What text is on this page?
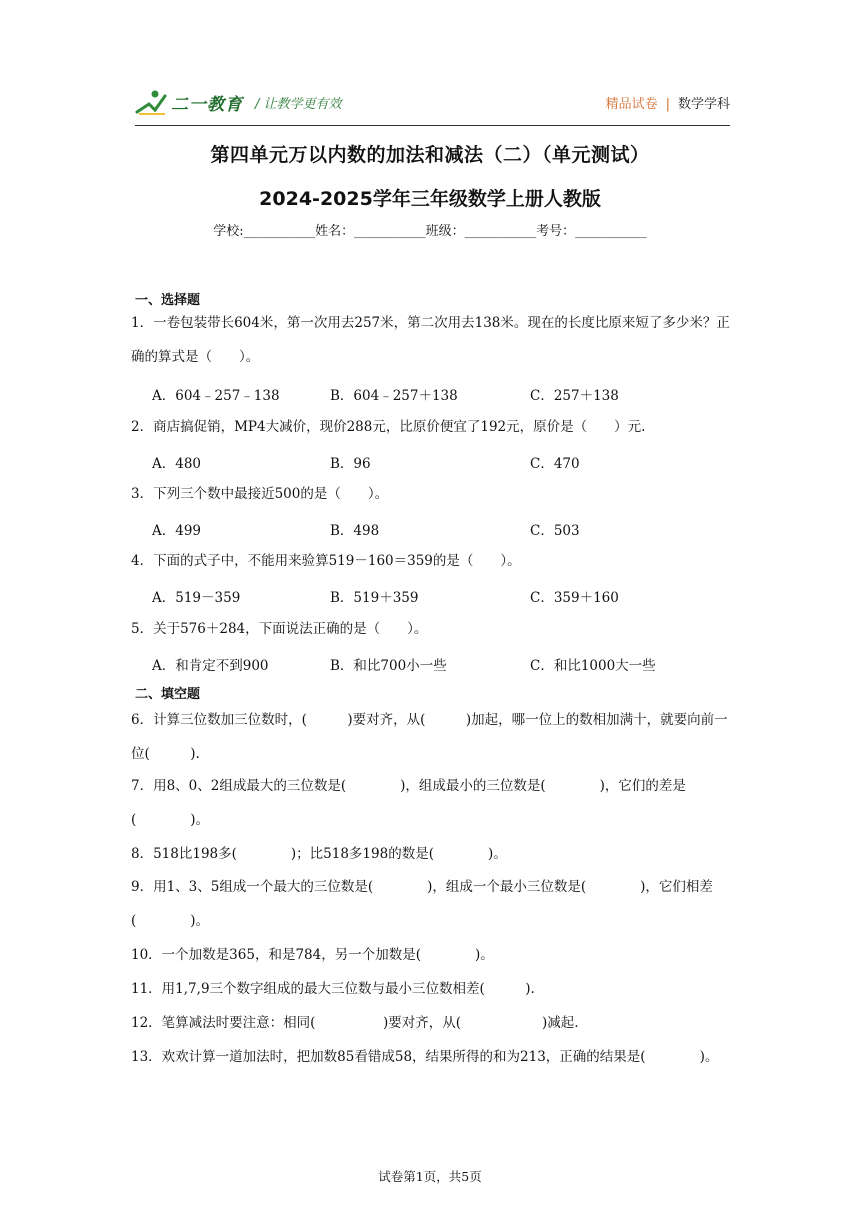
二一教育 / 让教学更有效	精品试卷 | 数学学科
第四单元万以内数的加法和减法（二）（单元测试）
2024-2025学年三年级数学上册人教版
学校:___________姓名：___________班级：___________考号：___________
一、选择题
1．一卷包装带长604米，第一次用去257米，第二次用去138米。现在的长度比原来短了多少米？正确的算式是（　　）。
A．604﹣257﹣138	B．604﹣257＋138	C．257＋138
2．商店搞促销，MP4大减价，现价288元，比原价便宜了192元，原价是（　　）元.
A．480	B．96	C．470
3．下列三个数中最接近500的是（　　）。
A．499	B．498	C．503
4．下面的式子中，不能用来验算519－160＝359的是（　　）。
A．519－359	B．519＋359	C．359＋160
5．关于576＋284，下面说法正确的是（　　）。
A．和肯定不到900	B．和比700小一些	C．和比1000大一些
二、填空题
6．计算三位数加三位数时，(　　　)要对齐，从(　　　)加起，哪一位上的数相加满十，就要向前一位(　　　).
7．用8、0、2组成最大的三位数是(　　　　)，组成最小的三位数是(　　　　)，它们的差是(　　　　)。
8．518比198多(　　　　)；比518多198的数是(　　　　)。
9．用1、3、5组成一个最大的三位数是(　　　　)，组成一个最小三位数是(　　　　)，它们相差(　　　　)。
10．一个加数是365，和是784，另一个加数是(　　　　)。
11．用1,7,9三个数字组成的最大三位数与最小三位数相差(　　　).
12．笔算减法时要注意：相同(　　　　　)要对齐，从(　　　　　　)减起.
13．欢欢计算一道加法时，把加数85看错成58，结果所得的和为213，正确的结果是(　　　　)。
试卷第1页，共5页
